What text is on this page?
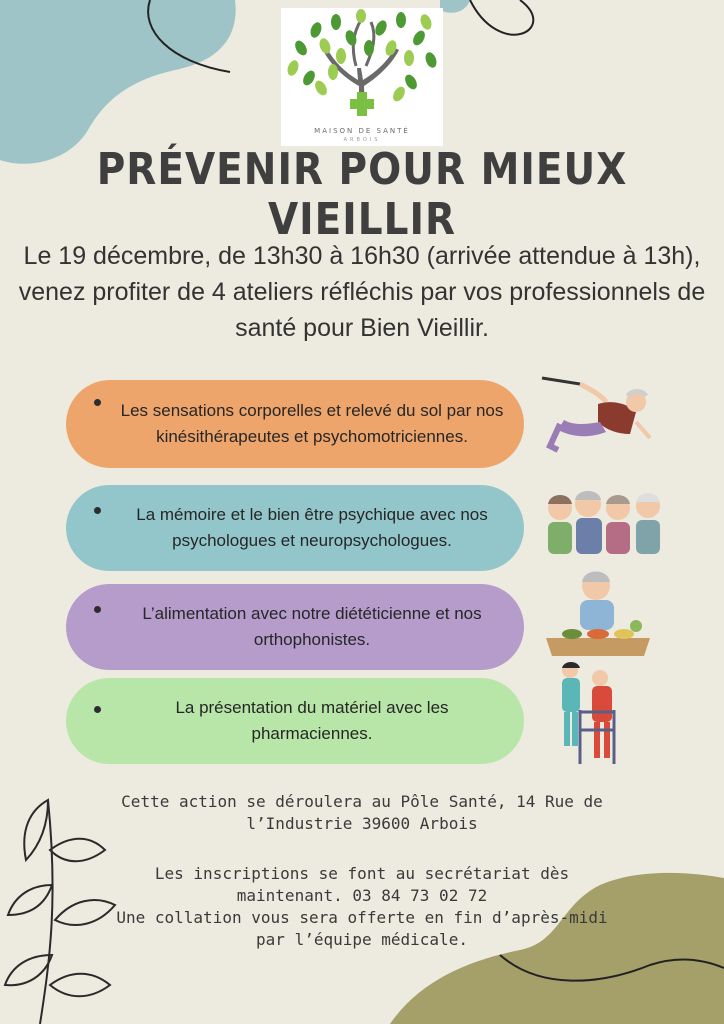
MAISON DE SANTÉ
ARBOIS
PRÉVENIR POUR MIEUX VIEILLIR
Le 19 décembre, de 13h30 à 16h30 (arrivée attendue à 13h), venez profiter de 4 ateliers réfléchis par vos professionnels de santé pour Bien Vieillir.
Les sensations corporelles et relevé du sol par nos kinésithérapeutes et psychomotriciennes.
La mémoire et le bien être psychique avec nos psychologues et neuropsychologues.
L’alimentation avec notre diététicienne et nos orthophonistes.
La présentation du matériel avec les pharmaciennes.
Cette action se déroulera au Pôle Santé, 14 Rue de l’Industrie 39600 Arbois
Les inscriptions se font au secrétariat dès maintenant. 03 84 73 02 72
Une collation vous sera offerte en fin d’après-midi par l’équipe médicale.
